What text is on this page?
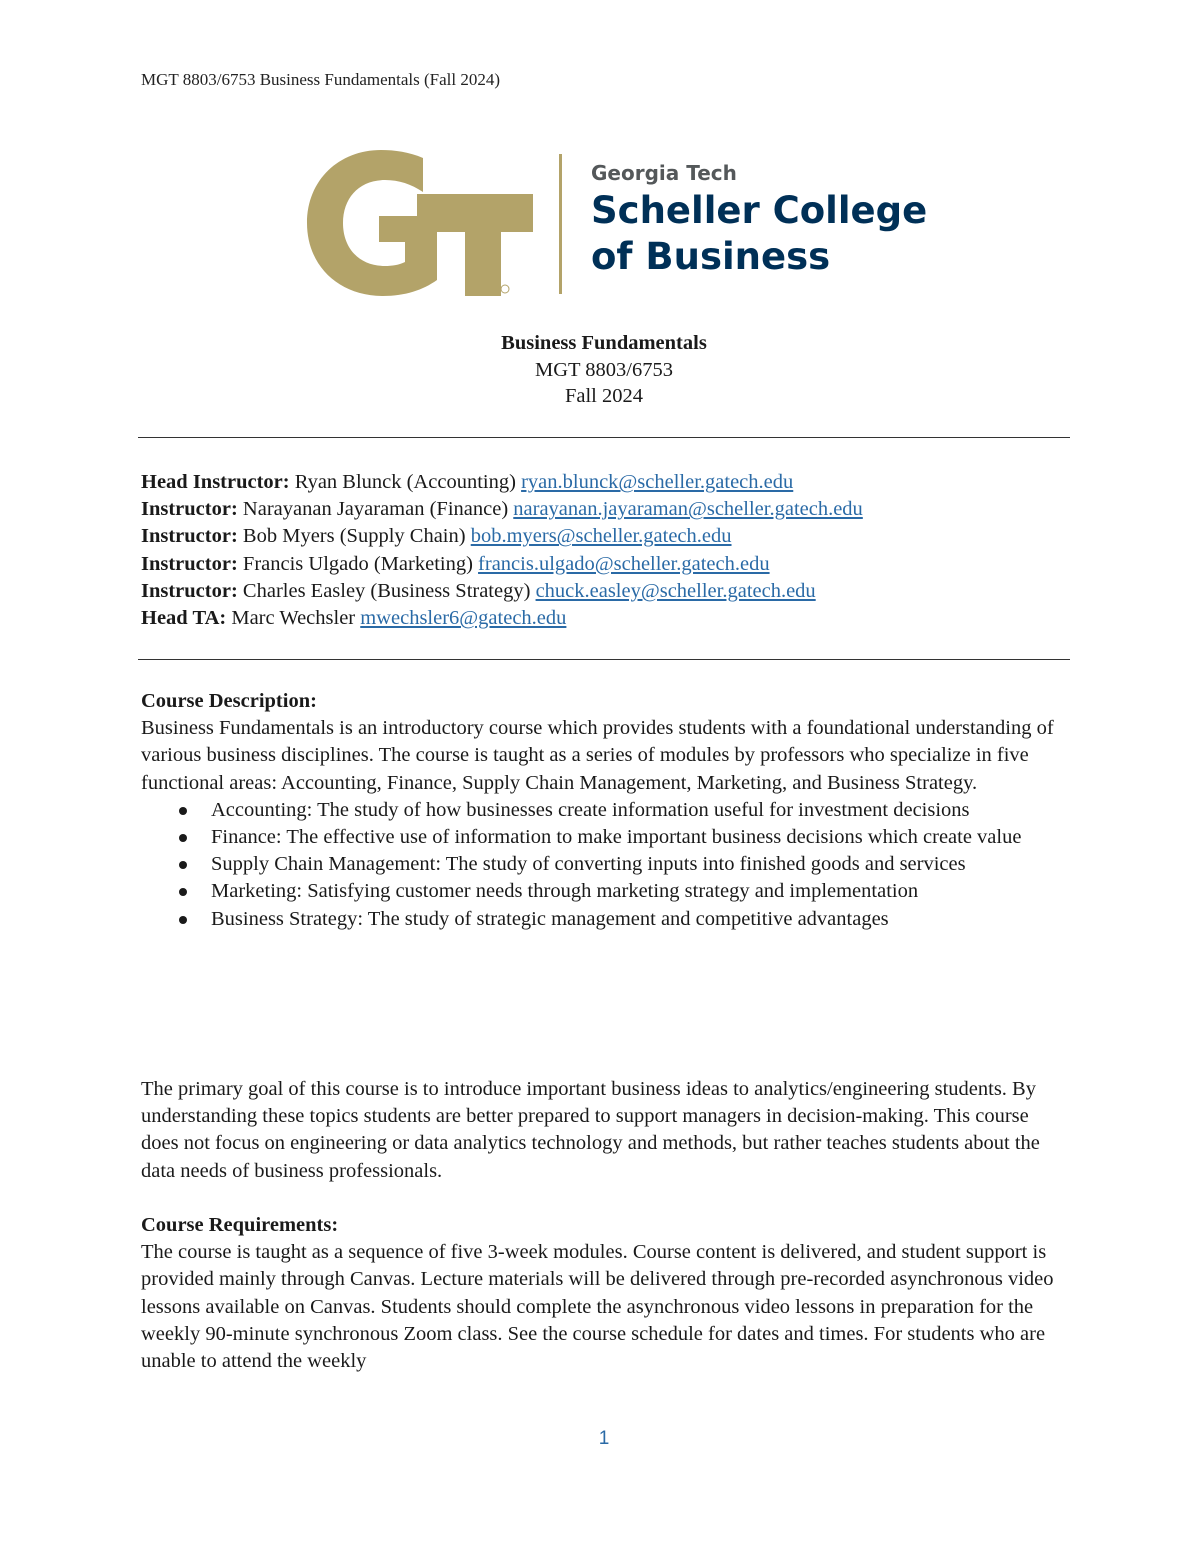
MGT 8803/6753 Business Fundamentals (Fall 2024)
Georgia Tech
Scheller College
of Business
Business Fundamentals
MGT 8803/6753
Fall 2024
Head Instructor: Ryan Blunck (Accounting) ryan.blunck@scheller.gatech.edu
Instructor: Narayanan Jayaraman (Finance) narayanan.jayaraman@scheller.gatech.edu
Instructor: Bob Myers (Supply Chain) bob.myers@scheller.gatech.edu
Instructor: Francis Ulgado (Marketing) francis.ulgado@scheller.gatech.edu
Instructor: Charles Easley (Business Strategy) chuck.easley@scheller.gatech.edu
Head TA: Marc Wechsler mwechsler6@gatech.edu
Course Description:

Business Fundamentals is an introductory course which provides students with a foundational understanding of various business disciplines. The course is taught as a series of modules by professors who specialize in five functional areas: Accounting, Finance, Supply Chain Management, Marketing, and Business Strategy.

Accounting: The study of how businesses create information useful for investment decisions
Finance: The effective use of information to make important business decisions which create value
Supply Chain Management: The study of converting inputs into finished goods and services
Marketing: Satisfying customer needs through marketing strategy and implementation
Business Strategy: The study of strategic management and competitive advantages

The primary goal of this course is to introduce important business ideas to analytics/engineering students. By understanding these topics students are better prepared to support managers in decision-making. This course does not focus on engineering or data analytics technology and methods, but rather teaches students about the data needs of business professionals.

Course Requirements:

The course is taught as a sequence of five 3-week modules. Course content is delivered, and student support is provided mainly through Canvas. Lecture materials will be delivered through pre-recorded asynchronous video lessons available on Canvas. Students should complete the asynchronous video lessons in preparation for the weekly 90-minute synchronous Zoom class. See the course schedule for dates and times. For students who are unable to attend the weekly

1
